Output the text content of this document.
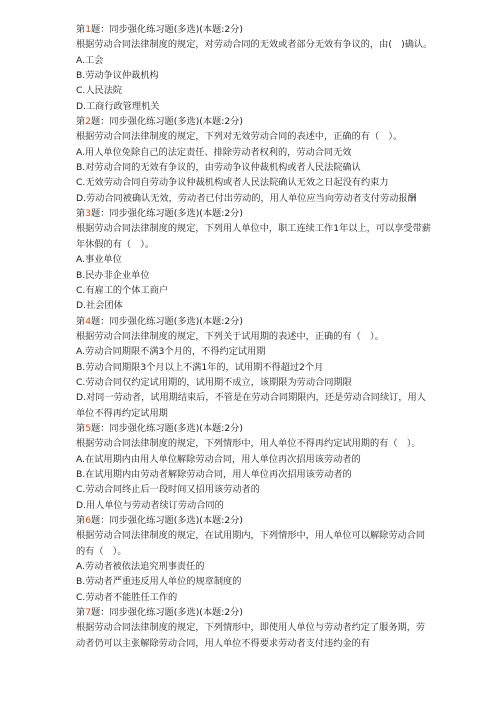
第1题：同步强化练习题(多选)(本题:2分)

根据劳动合同法律制度的规定，对劳动合同的无效或者部分无效有争议的，由(　)确认。

A.工会

B.劳动争议仲裁机构

C.人民法院

D.工商行政管理机关

第2题：同步强化练习题(多选)(本题:2分)

根据劳动合同法律制度的规定，下列对无效劳动合同的表述中，正确的有（　）。

A.用人单位免除自己的法定责任、排除劳动者权利的，劳动合同无效

B.对劳动合同的无效有争议的，由劳动争议仲裁机构或者人民法院确认

C.无效劳动合同自劳动争议仲裁机构或者人民法院确认无效之日起没有约束力

D.劳动合同被确认无效，劳动者已付出劳动的，用人单位应当向劳动者支付劳动报酬

第3题：同步强化练习题(多选)(本题:2分)

根据劳动合同法律制度的规定，下列用人单位中，职工连续工作1年以上，可以享受带薪年休假的有（　）。

A.事业单位

B.民办非企业单位

C.有雇工的个体工商户

D.社会团体

第4题：同步强化练习题(多选)(本题:2分)

根据劳动合同法律制度的规定，下列关于试用期的表述中，正确的有（　）。

A.劳动合同期限不满3个月的，不得约定试用期

B.劳动合同期限3个月以上不满1年的，试用期不得超过2个月

C.劳动合同仅约定试用期的，试用期不成立，该期限为劳动合同期限

D.对同一劳动者，试用期结束后，不管是在劳动合同期限内，还是劳动合同续订，用人单位不得再约定试用期

第5题：同步强化练习题(多选)(本题:2分)

根据劳动合同法律制度的规定，下列情形中，用人单位不得再约定试用期的有（　）。

A.在试用期内由用人单位解除劳动合同，用人单位再次招用该劳动者的

B.在试用期内由劳动者解除劳动合同，用人单位再次招用该劳动者的

C.劳动合同终止后一段时间又招用该劳动者的

D.用人单位与劳动者续订劳动合同的

第6题：同步强化练习题(多选)(本题:2分)

根据劳动合同法律制度的规定，在试用期内，下列情形中，用人单位可以解除劳动合同的有（　）。

A.劳动者被依法追究刑事责任的

B.劳动者严重违反用人单位的规章制度的

C.劳动者不能胜任工作的

第7题：同步强化练习题(多选)(本题:2分)

根据劳动合同法律制度的规定，下列情形中，即使用人单位与劳动者约定了服务期，劳动者仍可以主张解除劳动合同，用人单位不得要求劳动者支付违约金的有
